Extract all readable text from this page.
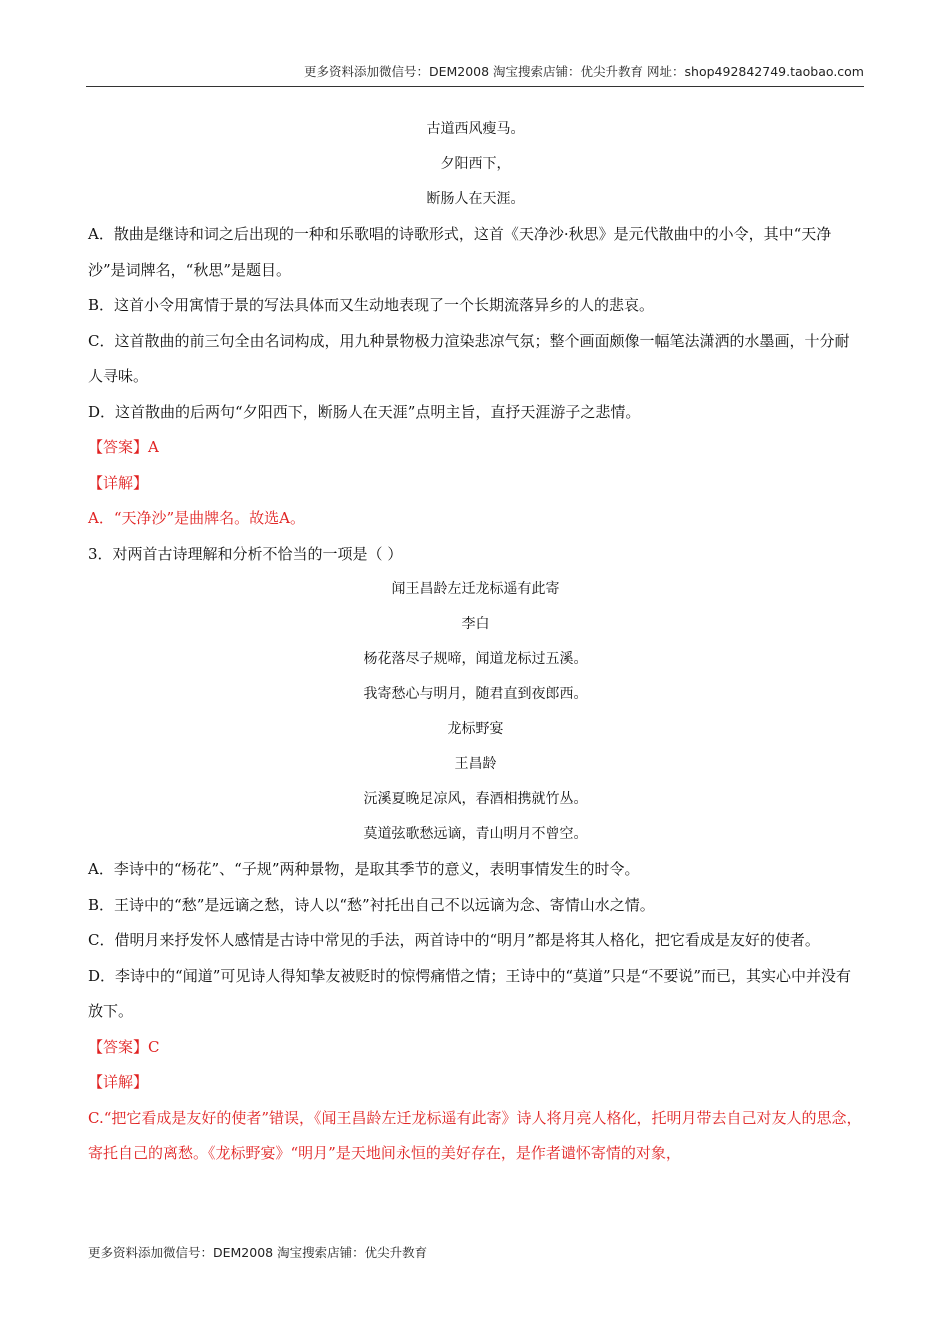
更多资料添加微信号：DEM2008 淘宝搜索店铺：优尖升教育 网址：shop492842749.taobao.com

古道西风瘦马。

夕阳西下，

断肠人在天涯。

A．散曲是继诗和词之后出现的一种和乐歌唱的诗歌形式，这首《天净沙·秋思》是元代散曲中的小令，其中“天净沙”是词牌名，“秋思”是题目。

B．这首小令用寓情于景的写法具体而又生动地表现了一个长期流落异乡的人的悲哀。

C．这首散曲的前三句全由名词构成，用九种景物极力渲染悲凉气氛；整个画面颇像一幅笔法潇洒的水墨画，十分耐人寻味。

D．这首散曲的后两句“夕阳西下，断肠人在天涯”点明主旨，直抒天涯游子之悲情。

【答案】A

【详解】

A．“天净沙”是曲牌名。故选A。

3．对两首古诗理解和分析不恰当的一项是（ ）

闻王昌龄左迁龙标遥有此寄

李白

杨花落尽子规啼，闻道龙标过五溪。

我寄愁心与明月，随君直到夜郎西。

龙标野宴

王昌龄

沅溪夏晚足凉风，春酒相携就竹丛。

莫道弦歌愁远谪，青山明月不曾空。

A．李诗中的“杨花”、“子规”两种景物，是取其季节的意义，表明事情发生的时令。

B．王诗中的“愁”是远谪之愁，诗人以“愁”衬托出自己不以远谪为念、寄情山水之情。

C．借明月来抒发怀人感情是古诗中常见的手法，两首诗中的“明月”都是将其人格化，把它看成是友好的使者。

D．李诗中的“闻道”可见诗人得知挚友被贬时的惊愕痛惜之情；王诗中的“莫道”只是“不要说”而已，其实心中并没有放下。

【答案】C

【详解】

C.“把它看成是友好的使者”错误，《闻王昌龄左迁龙标遥有此寄》诗人将月亮人格化，托明月带去自己对友人的思念，寄托自己的离愁。《龙标野宴》“明月”是天地间永恒的美好存在，是作者谴怀寄情的对象，

更多资料添加微信号：DEM2008 淘宝搜索店铺：优尖升教育
